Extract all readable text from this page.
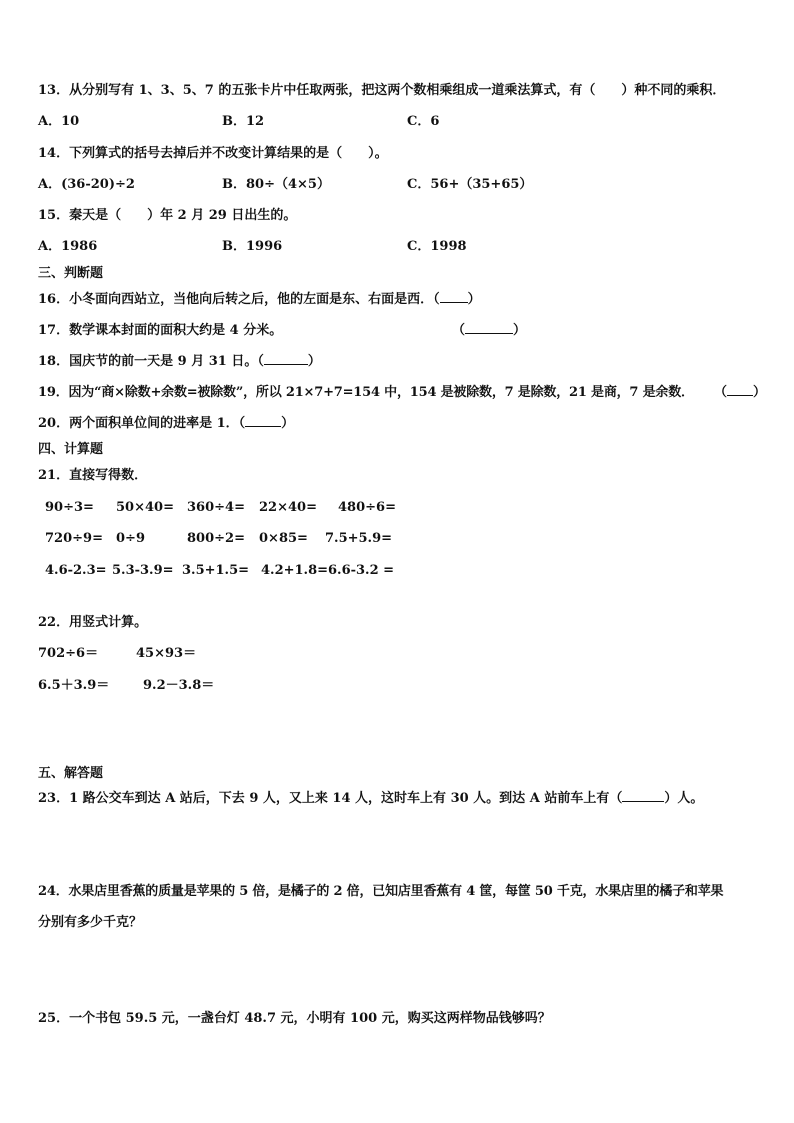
13．从分别写有 1、3、5、7 的五张卡片中任取两张，把这两个数相乘组成一道乘法算式，有（　　）种不同的乘积．
A．10	B．12	C．6
14．下列算式的括号去掉后并不改变计算结果的是（　　）。
A．(36-20)÷2	B．80÷（4×5）	C．56+（35+65）
15．秦天是（　　）年 2 月 29 日出生的。
A．1986	B．1996	C．1998
三、判断题
16．小冬面向西站立，当他向后转之后，他的左面是东、右面是西．（ ）
17．数学课本封面的面积大约是 4 分米。	（	）
18．国庆节的前一天是 9 月 31 日。（	）
19．因为“商×除数+余数=被除数”，所以 21×7+7=154 中，154 是被除数，7 是除数，21 是商，7 是余数． （ ）
20．两个面积单位间的进率是 1．（	）
四、计算题
21．直接写得数．
90÷3= 50×40= 360÷4= 22×40= 480÷6=
720÷9= 0÷9	800÷2= 0×85= 7.5+5.9=
4.6-2.3= 5.3-3.9= 3.5+1.5= 4.2+1.8= 6.6-3.2 =
22．用竖式计算。
702÷6＝	45×93＝
6.5＋3.9＝	9.2－3.8＝
五、解答题
23．1 路公交车到达 A 站后，下去 9 人，又上来 14 人，这时车上有 30 人。到达 A 站前车上有（	）人。
24．水果店里香蕉的质量是苹果的 5 倍，是橘子的 2 倍，已知店里香蕉有 4 筐，每筐 50 千克，水果店里的橘子和苹果
分别有多少千克？
25．一个书包 59.5 元，一盏台灯 48.7 元，小明有 100 元，购买这两样物品钱够吗？
